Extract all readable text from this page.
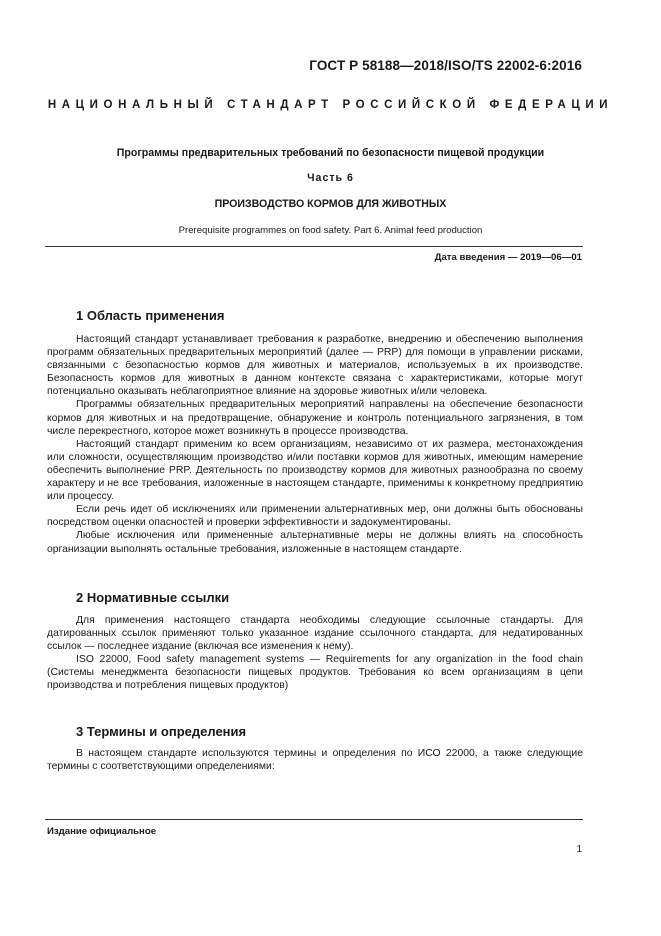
ГОСТ Р 58188—2018/ISO/TS 22002-6:2016
НАЦИОНАЛЬНЫЙ СТАНДАРТ РОССИЙСКОЙ ФЕДЕРАЦИИ
Программы предварительных требований по безопасности пищевой продукции
Часть 6
ПРОИЗВОДСТВО КОРМОВ ДЛЯ ЖИВОТНЫХ
Prerequisite programmes on food safety. Part 6. Animal feed production
Дата введения — 2019—06—01
1 Область применения

Настоящий стандарт устанавливает требования к разработке, внедрению и обеспечению выполнения программ обязательных предварительных мероприятий (далее — PRP) для помощи в управлении рисками, связанными с безопасностью кормов для животных и материалов, используемых в их производстве. Безопасность кормов для животных в данном контексте связана с характеристиками, которые могут потенциально оказывать неблагоприятное влияние на здоровье животных и/или человека.

Программы обязательных предварительных мероприятий направлены на обеспечение безопасности кормов для животных и на предотвращение, обнаружение и контроль потенциального загрязнения, в том числе перекрестного, которое может возникнуть в процессе производства.

Настоящий стандарт применим ко всем организациям, независимо от их размера, местонахождения или сложности, осуществляющим производство и/или поставки кормов для животных, имеющим намерение обеспечить выполнение PRP. Деятельность по производству кормов для животных разнообразна по своему характеру и не все требования, изложенные в настоящем стандарте, применимы к конкретному предприятию или процессу.

Если речь идет об исключениях или применении альтернативных мер, они должны быть обоснованы посредством оценки опасностей и проверки эффективности и задокументированы.

Любые исключения или примененные альтернативные меры не должны влиять на способность организации выполнять остальные требования, изложенные в настоящем стандарте.

2 Нормативные ссылки

Для применения настоящего стандарта необходимы следующие ссылочные стандарты. Для датированных ссылок применяют только указанное издание ссылочного стандарта, для недатированных ссылок — последнее издание (включая все изменения к нему).

ISO 22000, Food safety management systems — Requirements for any organization in the food chain (Системы менеджмента безопасности пищевых продуктов. Требования ко всем организациям в цепи производства и потребления пищевых продуктов)

3 Термины и определения

В настоящем стандарте используются термины и определения по ИСО 22000, а также следующие термины с соответствующими определениями:

Издание официальное
1
